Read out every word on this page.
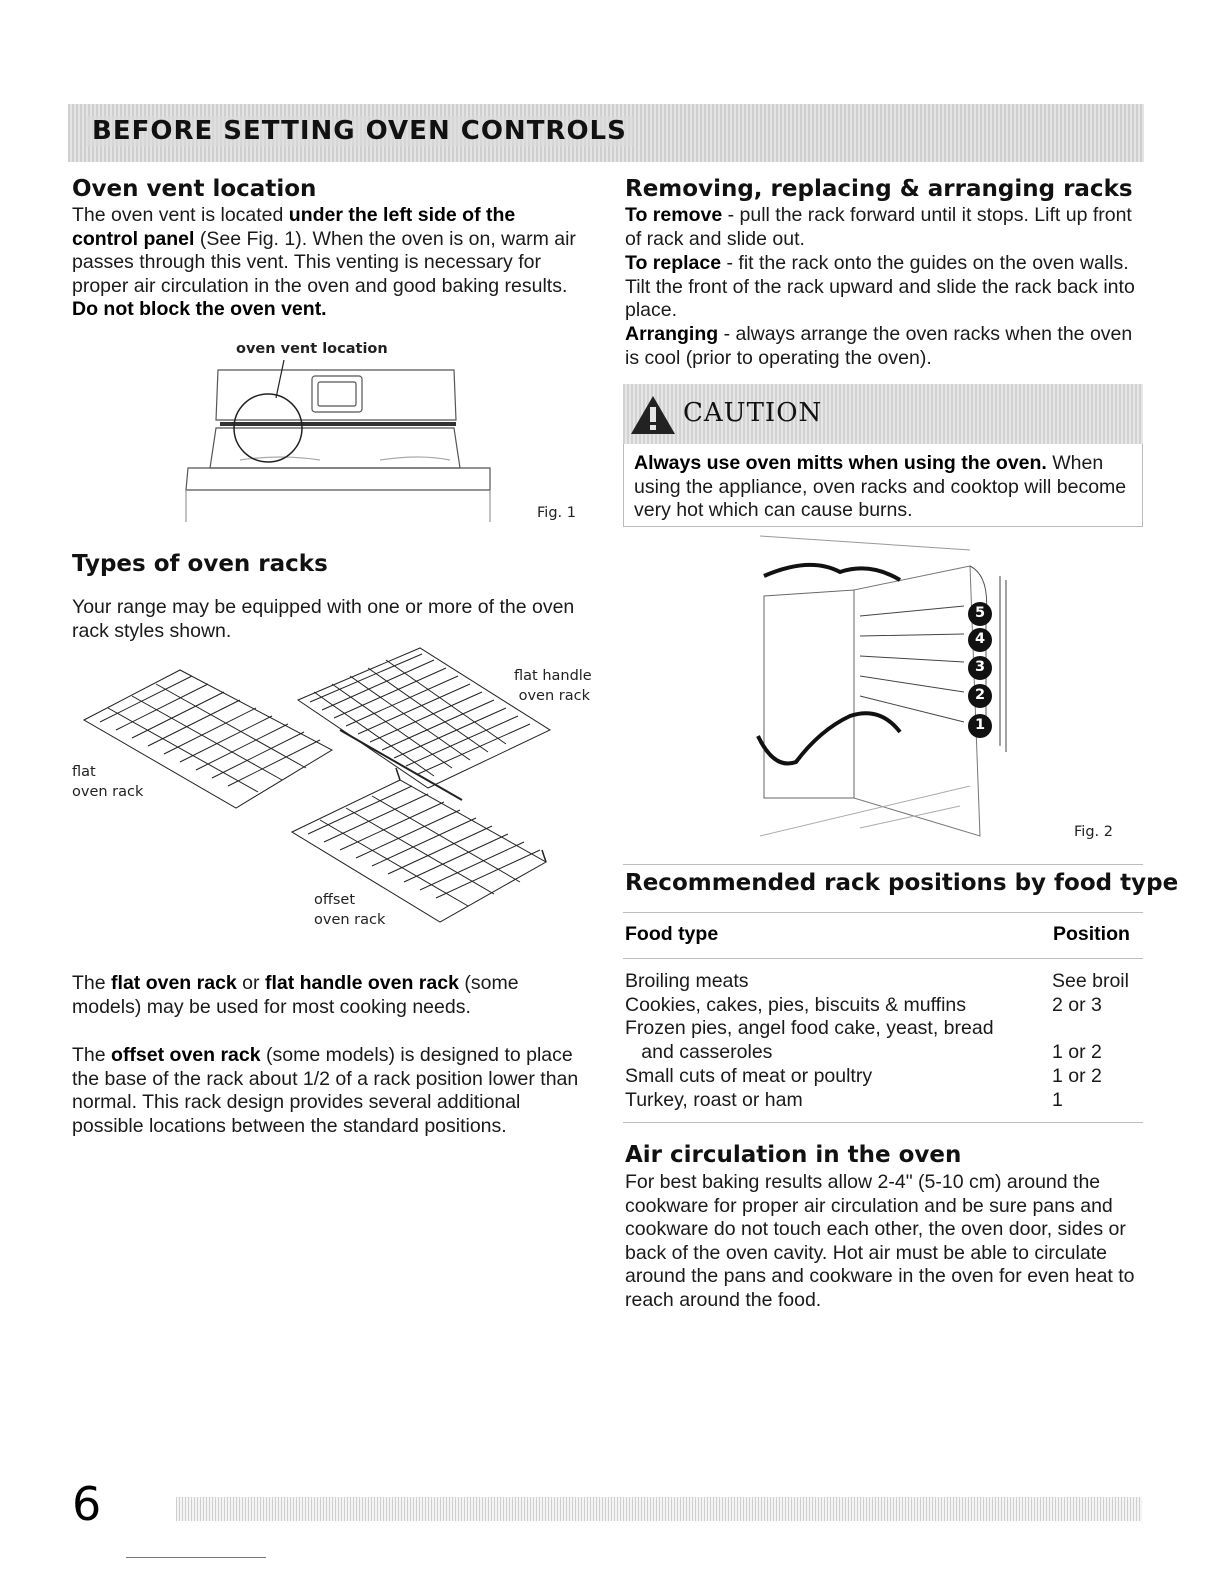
BEFORE SETTING OVEN CONTROLS
Oven vent location

The oven vent is located under the left side of the control panel (See Fig. 1). When the oven is on, warm air passes through this vent. This venting is necessary for proper air circulation in the oven and good baking results. Do not block the oven vent.

oven vent location
Fig. 1
Types of oven racks

Your range may be equipped with one or more of the oven rack styles shown.

flat handle
oven rack
flat
oven rack
offset
oven rack

The flat oven rack or flat handle oven rack (some models) may be used for most cooking needs.

The offset oven rack (some models) is designed to place the base of the rack about 1/2 of a rack position lower than normal. This rack design provides several additional possible locations between the standard positions.

Removing, replacing & arranging racks

To remove - pull the rack forward until it stops. Lift up front of rack and slide out.

To replace - fit the rack onto the guides on the oven walls. Tilt the front of the rack upward and slide the rack back into place.

Arranging - always arrange the oven racks when the oven is cool (prior to operating the oven).

CAUTION

Always use oven mitts when using the oven. When using the appliance, oven racks and cooktop will become very hot which can cause burns.

5
4
3
2
1
Fig. 2
Recommended rack positions by food type
Food type	Position
Broiling meats	See broil
Cookies, cakes, pies, biscuits & muffins	2 or 3
Frozen pies, angel food cake, yeast, bread
and casseroles	1 or 2
Small cuts of meat or poultry	1 or 2
Turkey, roast or ham	1
Air circulation in the oven

For best baking results allow 2-4" (5-10 cm) around the cookware for proper air circulation and be sure pans and cookware do not touch each other, the oven door, sides or back of the oven cavity. Hot air must be able to circulate around the pans and cookware in the oven for even heat to reach around the food.

6
